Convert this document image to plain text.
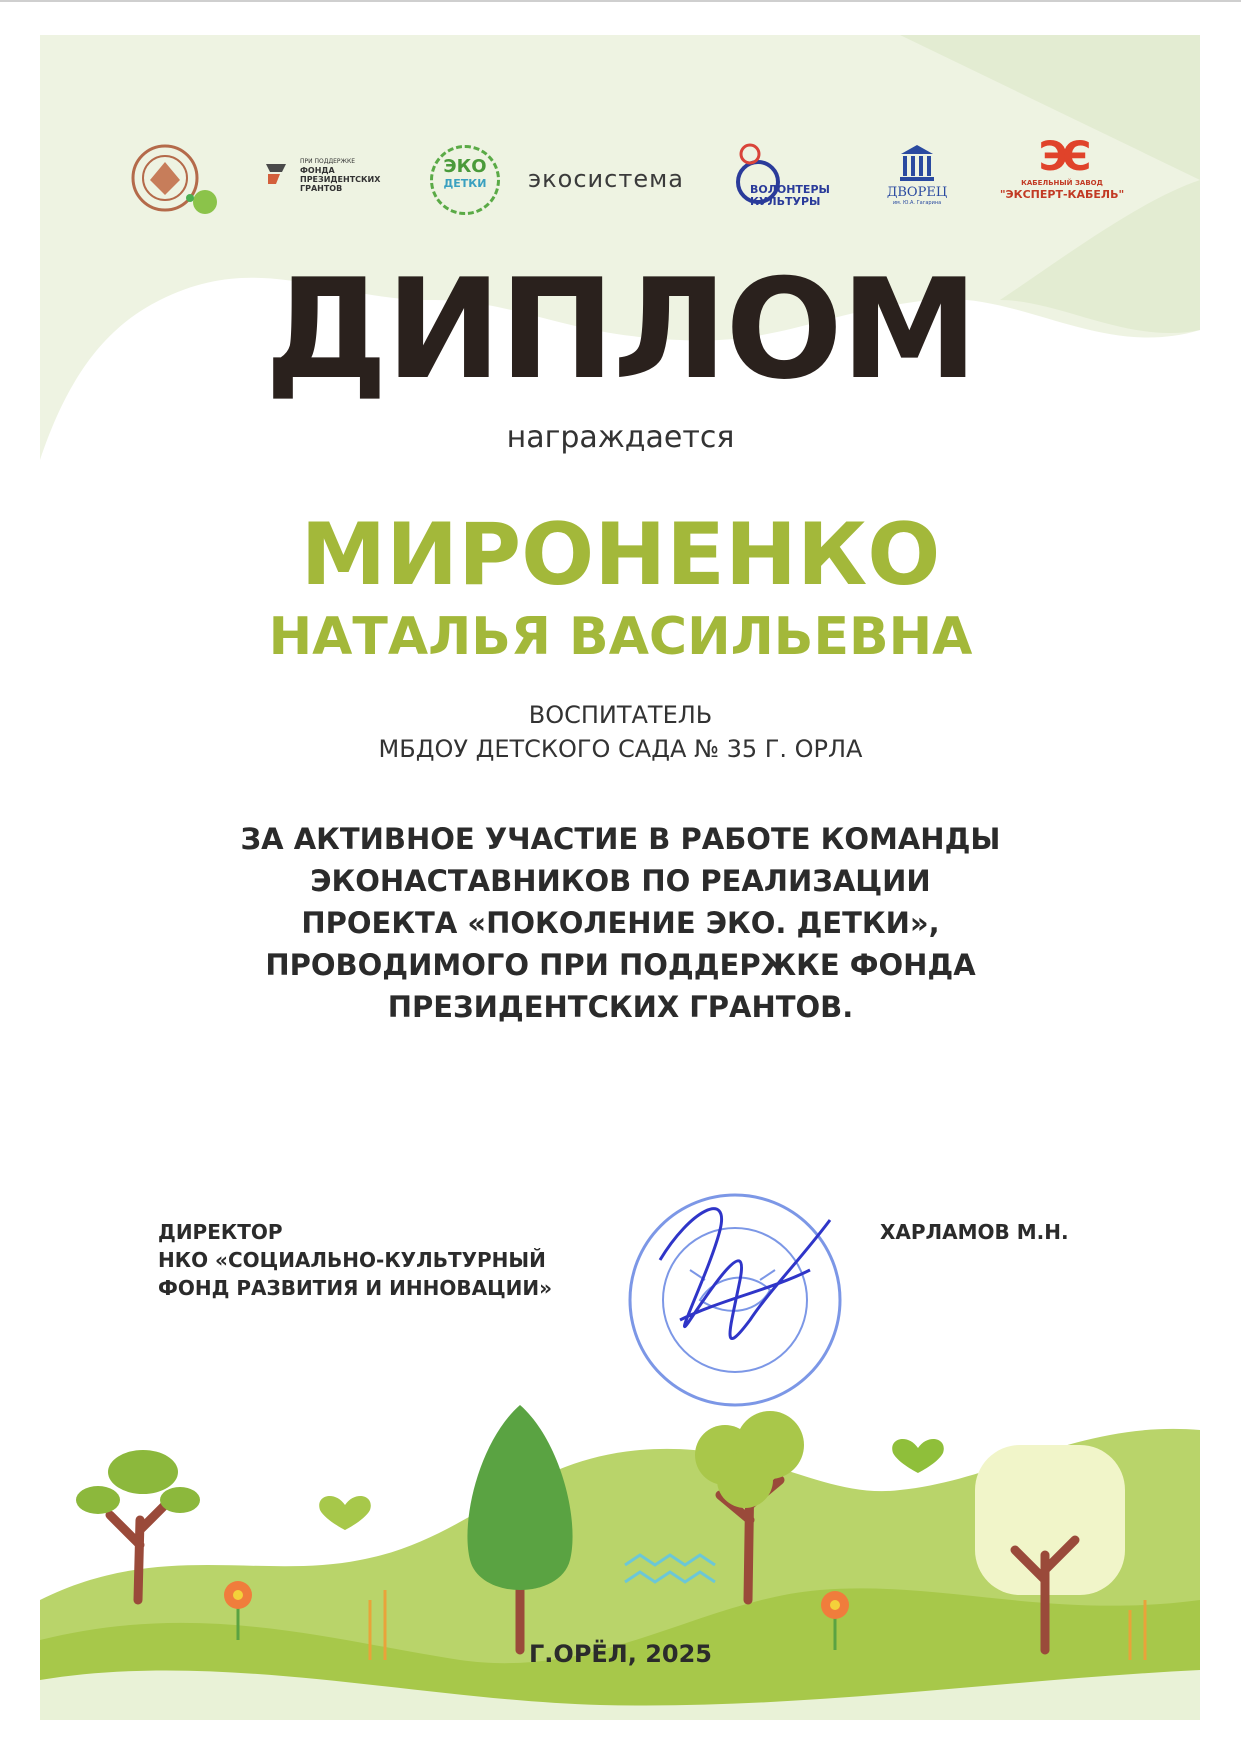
ПРИ ПОДДЕРЖКЕ
ФОНДА
ПРЕЗИДЕНТСКИХ
ГРАНТОВ
ЭКО
ДЕТКИ	экосистема	ВОЛОНТЕРЫ
КУЛЬТУРЫ
ДВОРЕЦ
им. Ю.А. Гагарина
ЭЄ
КАБЕЛЬНЫЙ ЗАВОД
"ЭКСПЕРТ-КАБЕЛЬ"
ДИПЛОМ
награждается
МИРОНЕНКО
НАТАЛЬЯ ВАСИЛЬЕВНА
ВОСПИТАТЕЛЬ
МБДОУ ДЕТСКОГО САДА № 35 Г. ОРЛА
ЗА АКТИВНОЕ УЧАСТИЕ В РАБОТЕ КОМАНДЫ
ЭКОНАСТАВНИКОВ ПО РЕАЛИЗАЦИИ
ПРОЕКТА «ПОКОЛЕНИЕ ЭКО. ДЕТКИ»,
ПРОВОДИМОГО ПРИ ПОДДЕРЖКЕ ФОНДА
ПРЕЗИДЕНТСКИХ ГРАНТОВ.
ДИРЕКТОР
НКО «СОЦИАЛЬНО-КУЛЬТУРНЫЙ
ФОНД РАЗВИТИЯ И ИННОВАЦИИ»
ХАРЛАМОВ М.Н.
Г.ОРЁЛ, 2025
